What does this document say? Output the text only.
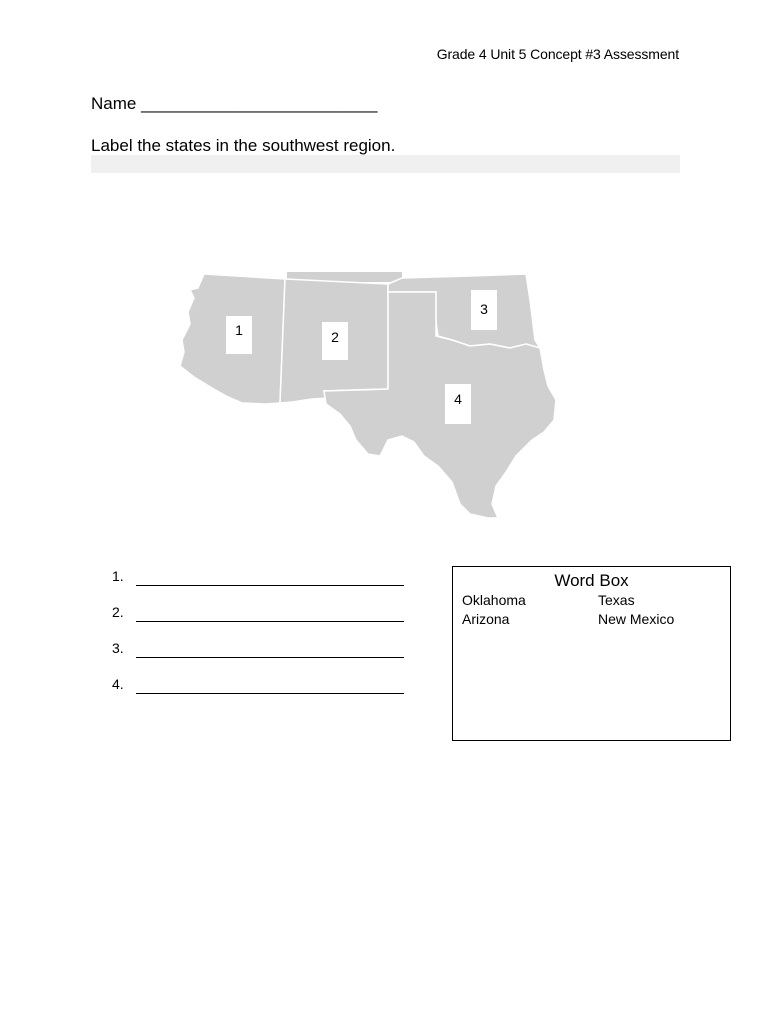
Grade 4 Unit 5 Concept #3 Assessment
Name _________________________
Label the states in the southwest region.
1	2
3
4
1.
2.
3.
4.
Word Box
Oklahoma	Texas
Arizona	New Mexico
